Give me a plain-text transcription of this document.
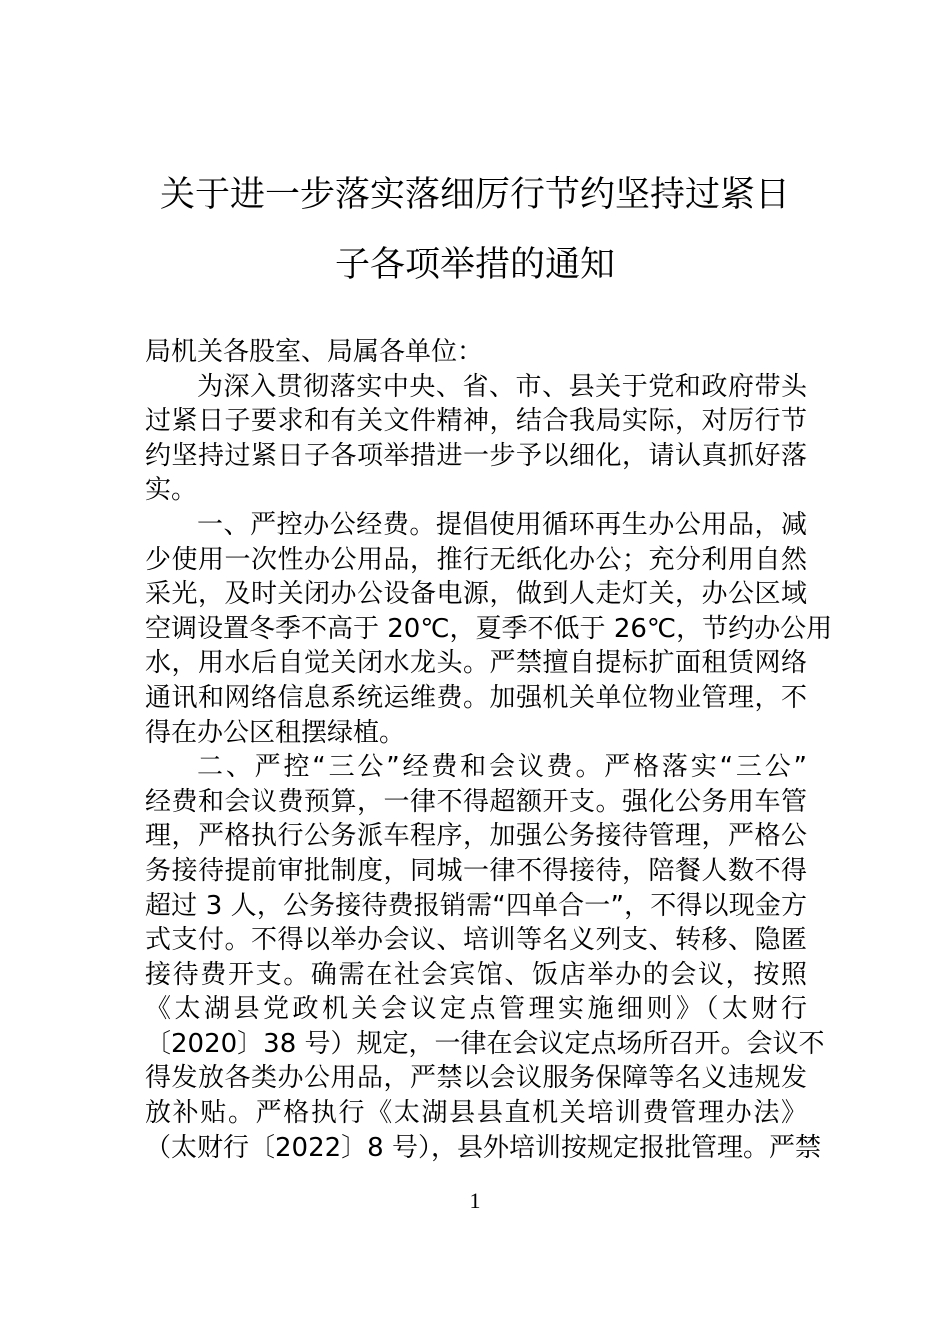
关于进一步落实落细厉行节约坚持过紧日
子各项举措的通知
局机关各股室、局属各单位：
为深入贯彻落实中央、省、市、县关于党和政府带头
过紧日子要求和有关文件精神，结合我局实际，对厉行节
约坚持过紧日子各项举措进一步予以细化，请认真抓好落
实。
一、严控办公经费。提倡使用循环再生办公用品，减
少使用一次性办公用品，推行无纸化办公；充分利用自然
采光，及时关闭办公设备电源，做到人走灯关，办公区域
空调设置冬季不高于 20℃，夏季不低于 26℃，节约办公用
水，用水后自觉关闭水龙头。严禁擅自提标扩面租赁网络
通讯和网络信息系统运维费。加强机关单位物业管理，不
得在办公区租摆绿植。
二、严控“三公”经费和会议费。严格落实“三公”
经费和会议费预算，一律不得超额开支。强化公务用车管
理，严格执行公务派车程序，加强公务接待管理，严格公
务接待提前审批制度，同城一律不得接待，陪餐人数不得
超过 3 人，公务接待费报销需“四单合一”，不得以现金方
式支付。不得以举办会议、培训等名义列支、转移、隐匿
接待费开支。确需在社会宾馆、饭店举办的会议，按照
《太湖县党政机关会议定点管理实施细则》（太财行
〔2020〕38 号）规定，一律在会议定点场所召开。会议不
得发放各类办公用品，严禁以会议服务保障等名义违规发
放补贴。严格执行《太湖县县直机关培训费管理办法》
（太财行〔2022〕8 号），县外培训按规定报批管理。严禁
1
